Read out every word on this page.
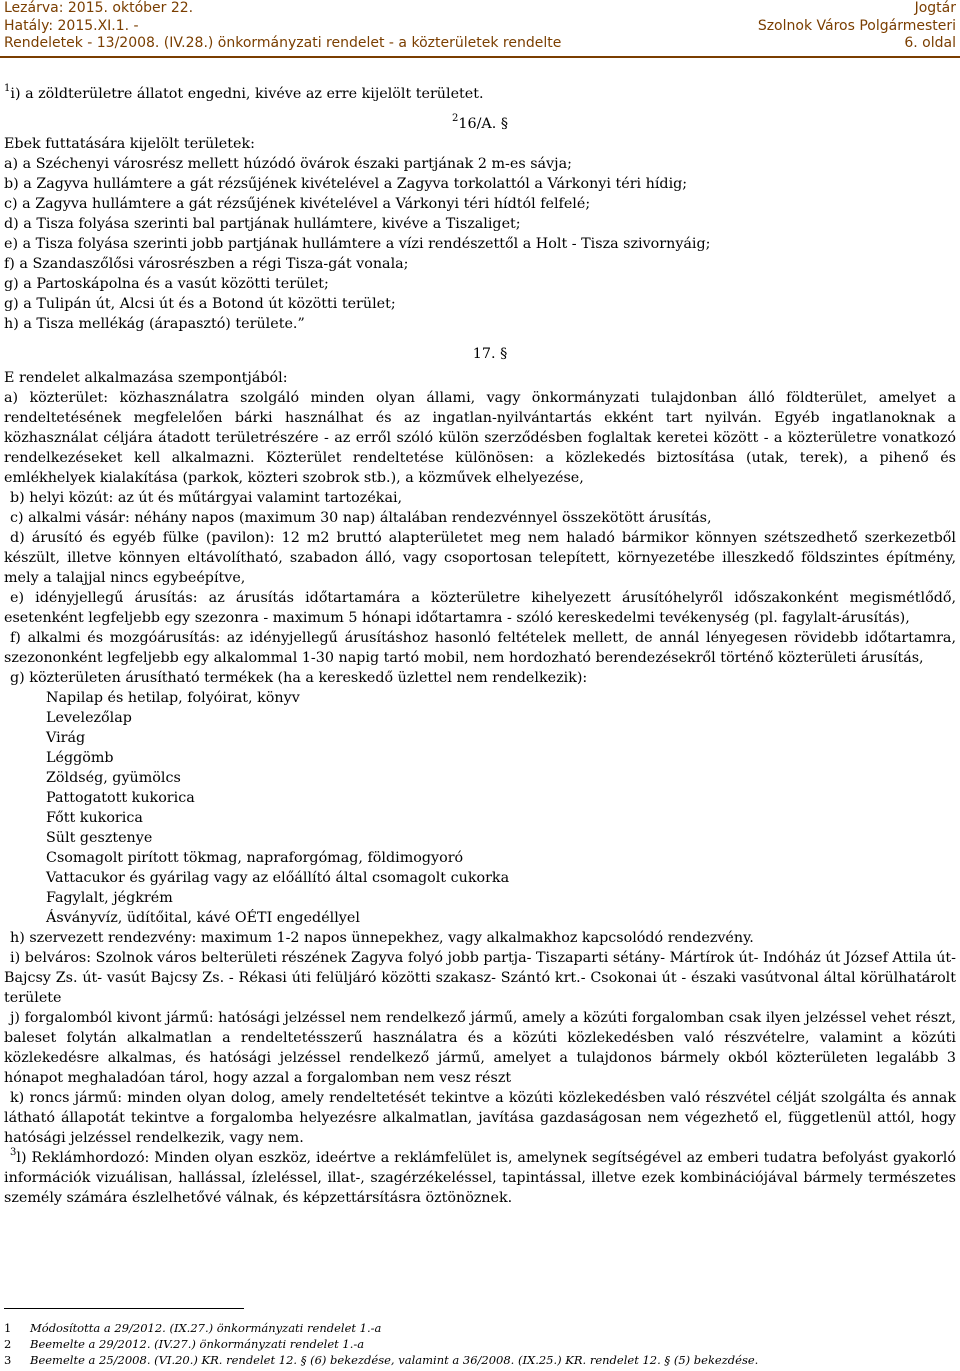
Lezárva: 2015. október 22.
Hatály: 2015.XI.1. -
Rendeletek - 13/2008. (IV.28.) önkormányzati rendelet - a közterületek rendelte
Jogtár
Szolnok Város Polgármesteri
6. oldal
$^1$i) a zöldterületre állatot engedni, kivéve az erre kijelölt területet.
$^2$16/A. §
Ebek futtatására kijelölt területek:
a) a Széchenyi városrész mellett húzódó övárok északi partjának 2 m-es sávja;
b) a Zagyva hullámtere a gát rézsűjének kivételével a Zagyva torkolattól a Várkonyi téri hídig;
c) a Zagyva hullámtere a gát rézsűjének kivételével a Várkonyi téri hídtól felfelé;
d) a Tisza folyása szerinti bal partjának hullámtere, kivéve a Tiszaliget;
e) a Tisza folyása szerinti jobb partjának hullámtere a vízi rendészettől a Holt - Tisza szivornyáig;
f) a Szandaszőlősi városrészben a régi Tisza-gát vonala;
g) a Partoskápolna és a vasút közötti terület;
g) a Tulipán út, Alcsi út és a Botond út közötti terület;
h) a Tisza mellékág (árapasztó) területe.”
17. §
E rendelet alkalmazása szempontjából:
a) közterület: közhasználatra szolgáló minden olyan állami, vagy önkormányzati tulajdonban álló földterület, amelyet a rendeltetésének megfelelően bárki használhat és az ingatlan-nyilvántartás ekként tart nyilván. Egyéb ingatlanoknak a közhasználat céljára átadott területrészére - az erről szóló külön szerződésben foglaltak keretei között - a közterületre vonatkozó rendelkezéseket kell alkalmazni. Közterület rendeltetése különösen: a közlekedés biztosítása (utak, terek), a pihenő és emlékhelyek kialakítása (parkok, közteri szobrok stb.), a közművek elhelyezése,
b) helyi közút: az út és műtárgyai valamint tartozékai,
c) alkalmi vásár: néhány napos (maximum 30 nap) általában rendezvénnyel összekötött árusítás,
d) árusító és egyéb fülke (pavilon): 12 m2 bruttó alapterületet meg nem haladó bármikor könnyen szétszedhető szerkezetből készült, illetve könnyen eltávolítható, szabadon álló, vagy csoportosan telepített, környezetébe illeszkedő földszintes építmény, mely a talajjal nincs egybeépítve,
e) idényjellegű árusítás: az árusítás időtartamára a közterületre kihelyezett árusítóhelyről időszakonként megismétlődő, esetenként legfeljebb egy szezonra - maximum 5 hónapi időtartamra - szóló kereskedelmi tevékenység (pl. fagylalt-árusítás),
f) alkalmi és mozgóárusítás: az idényjellegű árusításhoz hasonló feltételek mellett, de annál lényegesen rövidebb időtartamra, szezononként legfeljebb egy alkalommal 1-30 napig tartó mobil, nem hordozható berendezésekről történő közterületi árusítás,
g) közterületen árusítható termékek (ha a kereskedő üzlettel nem rendelkezik):
Napilap és hetilap, folyóirat, könyv
Levelezőlap
Virág
Léggömb
Zöldség, gyümölcs
Pattogatott kukorica
Főtt kukorica
Sült gesztenye
Csomagolt pirított tökmag, napraforgómag, földimogyoró
Vattacukor és gyárilag vagy az előállító által csomagolt cukorka
Fagylalt, jégkrém
Ásványvíz, üdítőital, kávé OÉTI engedéllyel
h) szervezett rendezvény: maximum 1-2 napos ünnepekhez, vagy alkalmakhoz kapcsolódó rendezvény.
i) belváros: Szolnok város belterületi részének Zagyva folyó jobb partja- Tiszaparti sétány- Mártírok út- Indóház út József Attila út- Bajcsy Zs. út- vasút Bajcsy Zs. - Rékasi úti felüljáró közötti szakasz- Szántó krt.- Csokonai út - északi vasútvonal által körülhatárolt területe
j) forgalomból kivont jármű: hatósági jelzéssel nem rendelkező jármű, amely a közúti forgalomban csak ilyen jelzéssel vehet részt, baleset folytán alkalmatlan a rendeltetésszerű használatra és a közúti közlekedésben való részvételre, valamint a közúti közlekedésre alkalmas, és hatósági jelzéssel rendelkező jármű, amelyet a tulajdonos bármely okból közterületen legalább 3 hónapot meghaladóan tárol, hogy azzal a forgalomban nem vesz részt
k) roncs jármű: minden olyan dolog, amely rendeltetését tekintve a közúti közlekedésben való részvétel célját szolgálta és annak látható állapotát tekintve a forgalomba helyezésre alkalmatlan, javításа gazdaságosan nem végezhető el, függetlenül attól, hogy hatósági jelzéssel rendelkezik, vagy nem.
$^3$l) Reklámhordozó: Minden olyan eszköz, ideértve a reklámfelület is, amelynek segítségével az emberi tudatra befolyást gyakorló információk vizuálisan, hallással, ízleléssel, illat-, szagérzékeléssel, tapintással, illetve ezek kombinációjával bármely természetes személy számára észlelhetővé válnak, és képzettársításra öztönöznek.
1 Módosította a 29/2012. (IX.27.) önkormányzati rendelet 1.-a
2 Beemelte a 29/2012. (IV.27.) önkormányzati rendelet 1.-a
3 Beemelte a 25/2008. (VI.20.) KR. rendelet 12. § (6) bekezdése, valamint a 36/2008. (IX.25.) KR. rendelet 12. § (5) bekezdése.
